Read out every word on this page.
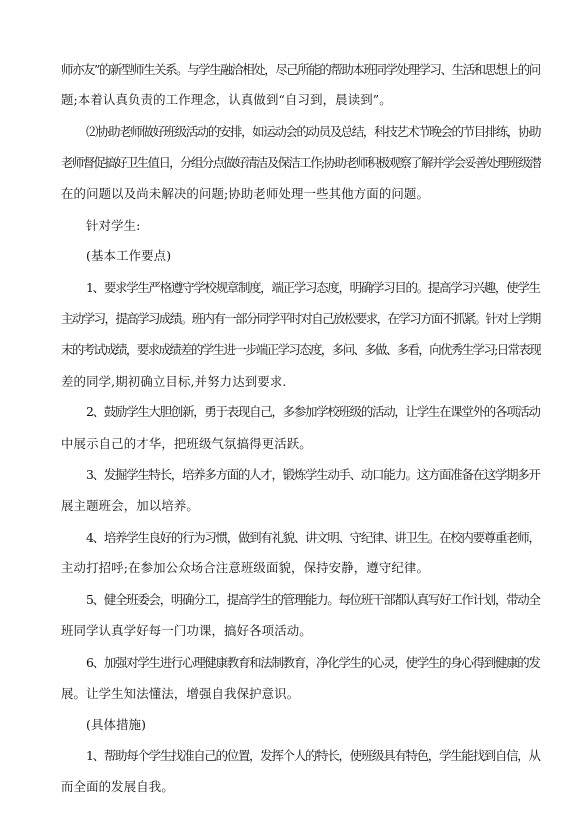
师亦友”的新型师生关系。与学生融洽相处，尽己所能的帮助本班同学处理学习、生活和思想上的问
题;本着认真负责的工作理念，认真做到“自习到，晨读到”。
⑵协助老师做好班级活动的安排，如运动会的动员及总结，科技艺术节晚会的节目排练，协助
老师督促搞好卫生值日，分组分点做好清洁及保洁工作;协助老师积极观察了解并学会妥善处理班级潜
在的问题以及尚未解决的问题;协助老师处理一些其他方面的问题。
针对学生:
(基本工作要点)
1、要求学生严格遵守学校规章制度，端正学习态度，明确学习目的。提高学习兴趣，使学生
主动学习，提高学习成绩。班内有一部分同学平时对自己放松要求，在学习方面不抓紧。针对上学期
末的考试成绩，要求成绩差的学生进一步端正学习态度，多问、多做、多看，向优秀生学习;日常表现
差的同学,期初确立目标,并努力达到要求.
2、鼓励学生大胆创新，勇于表现自己，多参加学校班级的活动，让学生在课堂外的各项活动
中展示自己的才华，把班级气氛搞得更活跃。
3、发掘学生特长，培养多方面的人才，锻炼学生动手、动口能力。这方面准备在这学期多开
展主题班会，加以培养。
4、培养学生良好的行为习惯，做到有礼貌、讲文明、守纪律、讲卫生。在校内要尊重老师，
主动打招呼;在参加公众场合注意班级面貌，保持安静，遵守纪律。
5、健全班委会，明确分工，提高学生的管理能力。每位班干部都认真写好工作计划，带动全
班同学认真学好每一门功课，搞好各项活动。
6、加强对学生进行心理健康教育和法制教育，净化学生的心灵，使学生的身心得到健康的发
展。让学生知法懂法，增强自我保护意识。
(具体措施)
1、帮助每个学生找准自己的位置，发挥个人的特长，使班级具有特色，学生能找到自信，从
而全面的发展自我。
